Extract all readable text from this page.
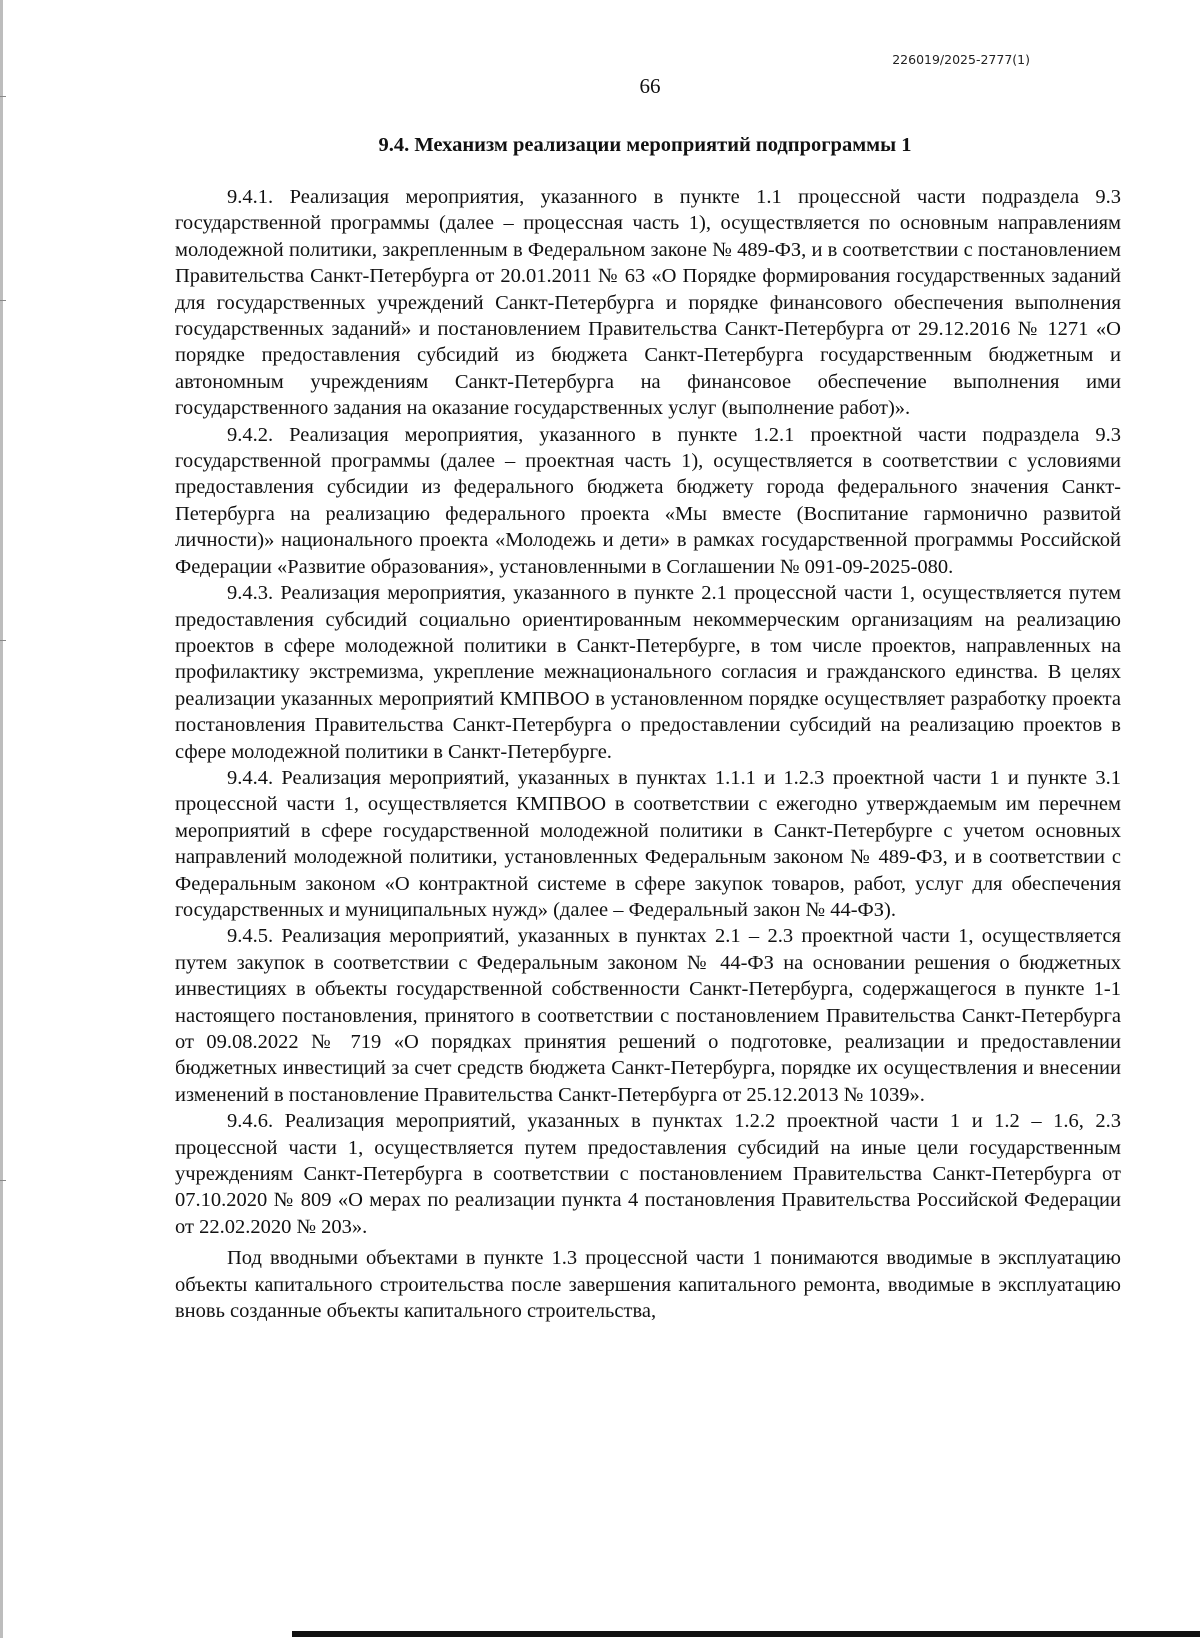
226019/2025-2777(1)
66
9.4. Механизм реализации мероприятий подпрограммы 1

9.4.1. Реализация мероприятия, указанного в пункте 1.1 процессной части подраздела 9.3 государственной программы (далее – процессная часть 1), осуществляется по основным направлениям молодежной политики, закрепленным в Федеральном законе № 489-ФЗ, и в соответствии с постановлением Правительства Санкт-Петербурга от 20.01.2011 № 63 «О Порядке формирования государственных заданий для государственных учреждений Санкт-Петербурга и порядке финансового обеспечения выполнения государственных заданий» и постановлением Правительства Санкт-Петербурга от 29.12.2016 № 1271 «О порядке предоставления субсидий из бюджета Санкт-Петербурга государственным бюджетным и автономным учреждениям Санкт-Петербурга на финансовое обеспечение выполнения ими государственного задания на оказание государственных услуг (выполнение работ)».

9.4.2. Реализация мероприятия, указанного в пункте 1.2.1 проектной части подраздела 9.3 государственной программы (далее – проектная часть 1), осуществляется в соответствии с условиями предоставления субсидии из федерального бюджета бюджету города федерального значения Санкт-Петербурга на реализацию федерального проекта «Мы вместе (Воспитание гармонично развитой личности)» национального проекта «Молодежь и дети» в рамках государственной программы Российской Федерации «Развитие образования», установленными в Соглашении № 091-09-2025-080.

9.4.3. Реализация мероприятия, указанного в пункте 2.1 процессной части 1, осуществляется путем предоставления субсидий социально ориентированным некоммерческим организациям на реализацию проектов в сфере молодежной политики в Санкт-Петербурге, в том числе проектов, направленных на профилактику экстремизма, укрепление межнационального согласия и гражданского единства. В целях реализации указанных мероприятий КМПВОО в установленном порядке осуществляет разработку проекта постановления Правительства Санкт-Петербурга о предоставлении субсидий на реализацию проектов в сфере молодежной политики в Санкт-Петербурге.

9.4.4. Реализация мероприятий, указанных в пунктах 1.1.1 и 1.2.3 проектной части 1 и пункте 3.1 процессной части 1, осуществляется КМПВОО в соответствии с ежегодно утверждаемым им перечнем мероприятий в сфере государственной молодежной политики в Санкт-Петербурге с учетом основных направлений молодежной политики, установленных Федеральным законом № 489-ФЗ, и в соответствии с Федеральным законом «О контрактной системе в сфере закупок товаров, работ, услуг для обеспечения государственных и муниципальных нужд» (далее – Федеральный закон № 44-ФЗ).

9.4.5. Реализация мероприятий, указанных в пунктах 2.1 – 2.3 проектной части 1, осуществляется путем закупок в соответствии с Федеральным законом № 44-ФЗ на основании решения о бюджетных инвестициях в объекты государственной собственности Санкт-Петербурга, содержащегося в пункте 1-1 настоящего постановления, принятого в соответствии с постановлением Правительства Санкт-Петербурга от 09.08.2022 № 719 «О порядках принятия решений о подготовке, реализации и предоставлении бюджетных инвестиций за счет средств бюджета Санкт-Петербурга, порядке их осуществления и внесении изменений в постановление Правительства Санкт-Петербурга от 25.12.2013 № 1039».

9.4.6. Реализация мероприятий, указанных в пунктах 1.2.2 проектной части 1 и 1.2 – 1.6, 2.3 процессной части 1, осуществляется путем предоставления субсидий на иные цели государственным учреждениям Санкт-Петербурга в соответствии с постановлением Правительства Санкт-Петербурга от 07.10.2020 № 809 «О мерах по реализации пункта 4 постановления Правительства Российской Федерации от 22.02.2020 № 203».

Под вводными объектами в пункте 1.3 процессной части 1 понимаются вводимые в эксплуатацию объекты капитального строительства после завершения капитального ремонта, вводимые в эксплуатацию вновь созданные объекты капитального строительства,
